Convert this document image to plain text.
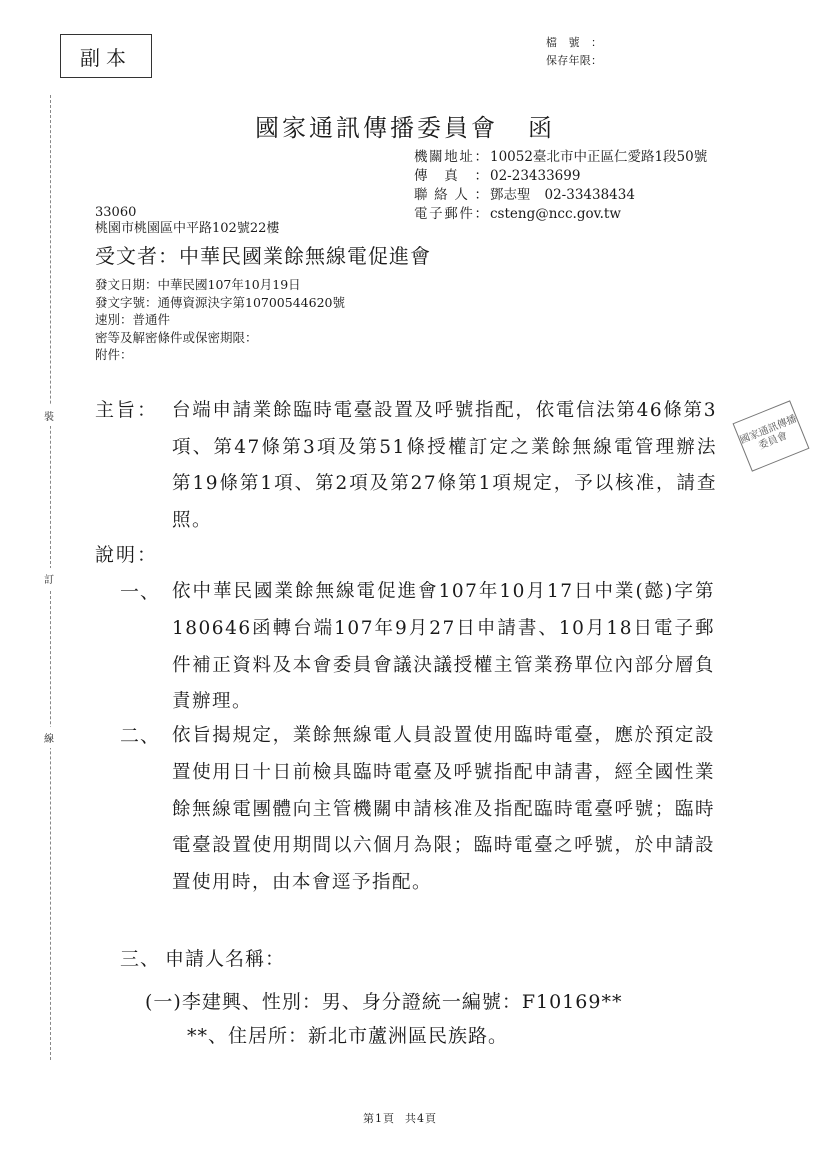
副本
檔號：
保存年限：
國家通訊傳播委員會 函
機關地址： 10052臺北市中正區仁愛路1段50號
傳真： 02-23433699
聯絡人： 鄧志聖 02-33438434
電子郵件： csteng@ncc.gov.tw
33060
桃園市桃園區中平路102號22樓
受文者：中華民國業餘無線電促進會
發文日期：中華民國107年10月19日
發文字號：通傳資源決字第10700544620號
速別：普通件
密等及解密條件或保密期限：
附件：
主旨： 台端申請業餘臨時電臺設置及呼號指配，依電信法第46條第3項、第47條第3項及第51條授權訂定之業餘無線電管理辦法第19條第1項、第2項及第27條第1項規定，予以核准，請查照。
說明：
一、 依中華民國業餘無線電促進會107年10月17日中業(懿)字第180646函轉台端107年9月27日申請書、10月18日電子郵件補正資料及本會委員會議決議授權主管業務單位內部分層負責辦理。
二、 依旨揭規定，業餘無線電人員設置使用臨時電臺，應於預定設置使用日十日前檢具臨時電臺及呼號指配申請書，經全國性業餘無線電團體向主管機關申請核准及指配臨時電臺呼號；臨時電臺設置使用期間以六個月為限；臨時電臺之呼號，於申請設置使用時，由本會逕予指配。
三、 申請人名稱：
(一)李建興、性別：男、身分證統一編號：F10169**
**、住居所：新北市蘆洲區民族路。
裝
訂
線
國家通訊傳播委員會
第1頁 共4頁
